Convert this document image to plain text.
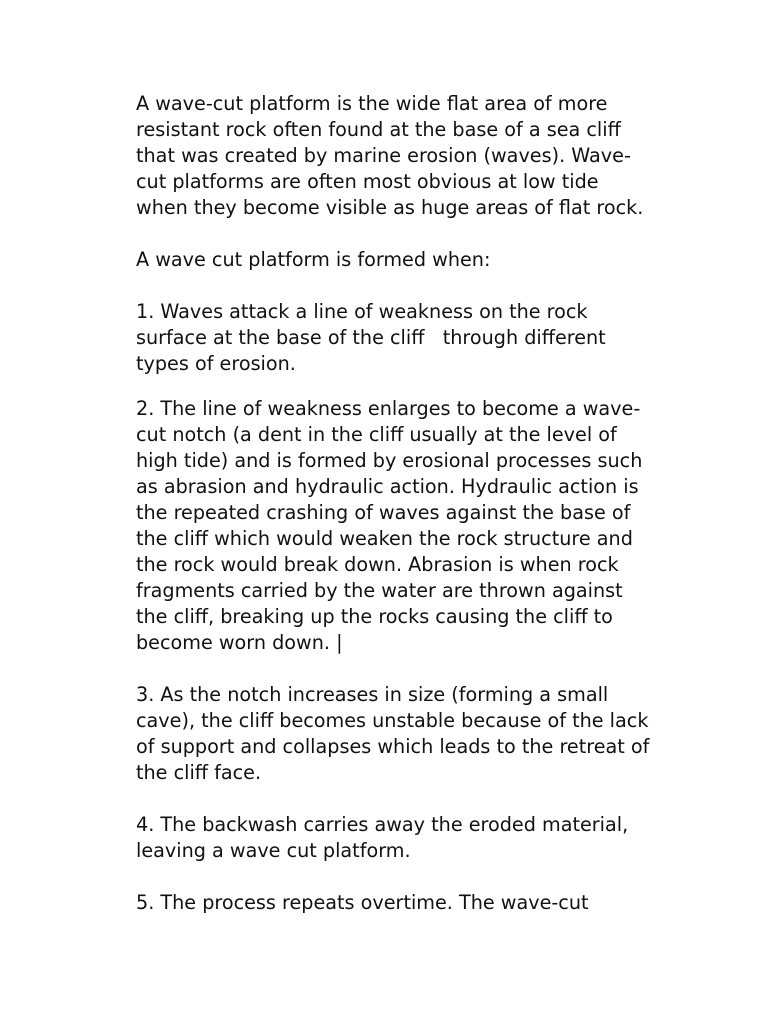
A wave-cut platform is the wide flat area of more
resistant rock often found at the base of a sea cliff
that was created by marine erosion (waves). Wave-
cut platforms are often most obvious at low tide
when they become visible as huge areas of flat rock.
A wave cut platform is formed when:
1. Waves attack a line of weakness on the rock
surface at the base of the cliff   through different
types of erosion.
2. The line of weakness enlarges to become a wave-
cut notch (a dent in the cliff usually at the level of
high tide) and is formed by erosional processes such
as abrasion and hydraulic action. Hydraulic action is
the repeated crashing of waves against the base of
the cliff which would weaken the rock structure and
the rock would break down. Abrasion is when rock
fragments carried by the water are thrown against
the cliff, breaking up the rocks causing the cliff to
become worn down. |
3. As the notch increases in size (forming a small
cave), the cliff becomes unstable because of the lack
of support and collapses which leads to the retreat of
the cliff face.
4. The backwash carries away the eroded material,
leaving a wave cut platform.
5. The process repeats overtime. The wave-cut
